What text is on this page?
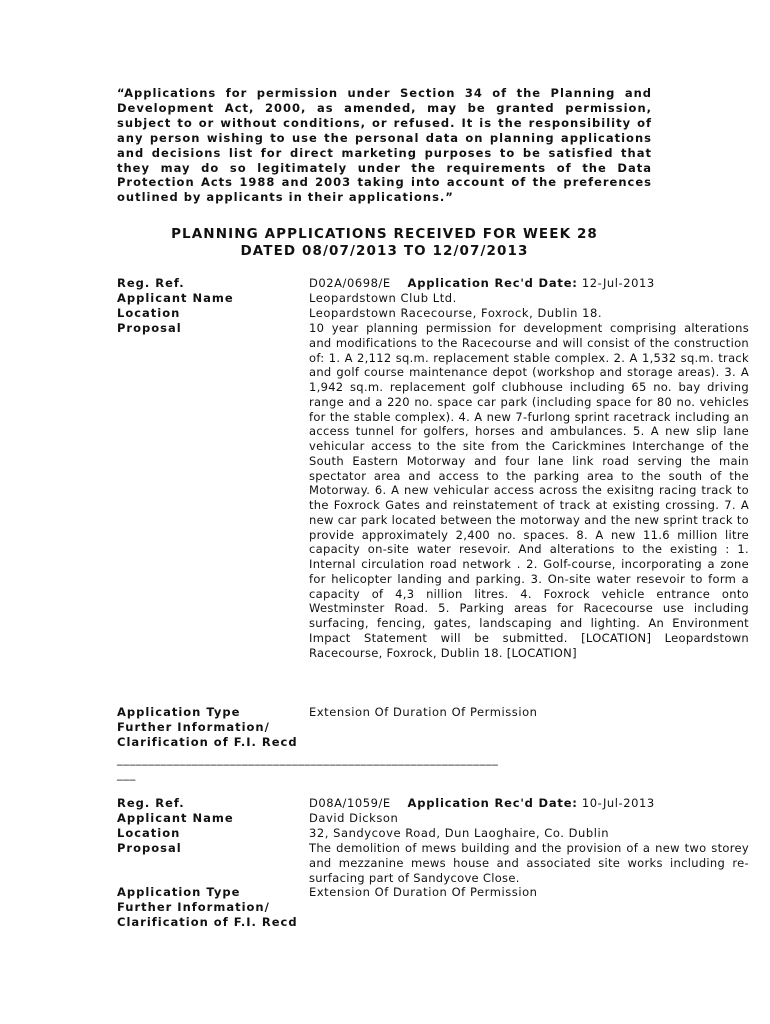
“Applications for permission under Section 34 of the Planning and Development Act, 2000, as amended, may be granted permission, subject to or without conditions, or refused. It is the responsibility of any person wishing to use the personal data on planning applications and decisions list for direct marketing purposes to be satisfied that they may do so legitimately under the requirements of the Data Protection Acts 1988 and 2003 taking into account of the preferences outlined by applicants in their applications.”
PLANNING APPLICATIONS RECEIVED FOR WEEK 28
DATED 08/07/2013 TO 12/07/2013
Reg. Ref.
Applicant Name
Location
Proposal
D02A/0698/E Application Rec'd Date: 12-Jul-2013
Leopardstown Club Ltd.
Leopardstown Racecourse, Foxrock, Dublin 18.
10 year planning permission for development comprising alterations and modifications to the Racecourse and will consist of the construction of: 1. A 2,112 sq.m. replacement stable complex. 2. A 1,532 sq.m. track and golf course maintenance depot (workshop and storage areas). 3. A 1,942 sq.m. replacement golf clubhouse including 65 no. bay driving range and a 220 no. space car park (including space for 80 no. vehicles for the stable complex). 4. A new 7-furlong sprint racetrack including an access tunnel for golfers, horses and ambulances. 5. A new slip lane vehicular access to the site from the Carickmines Interchange of the South Eastern Motorway and four lane link road serving the main spectator area and access to the parking area to the south of the Motorway. 6. A new vehicular access across the exisitng racing track to the Foxrock Gates and reinstatement of track at existing crossing. 7. A new car park located between the motorway and the new sprint track to provide approximately 2,400 no. spaces. 8. A new 11.6 million litre capacity on-site water resevoir. And alterations to the existing : 1. Internal circulation road network . 2. Golf-course, incorporating a zone for helicopter landing and parking. 3. On-site water resevoir to form a capacity of 4,3 nillion litres. 4. Foxrock vehicle entrance onto Westminster Road. 5. Parking areas for Racecourse use including surfacing, fencing, gates, landscaping and lighting. An Environment Impact Statement will be submitted. [LOCATION] Leopardstown Racecourse, Foxrock, Dublin 18. [LOCATION]
Application Type
Further Information/
Clarification of F.I. Recd
Extension Of Duration Of Permission
_____________________________________________________________
___
Reg. Ref.
Applicant Name
Location
Proposal
D08A/1059/E Application Rec'd Date: 10-Jul-2013
David Dickson
32, Sandycove Road, Dun Laoghaire, Co. Dublin
The demolition of mews building and the provision of a new two storey and mezzanine mews house and associated site works including re-surfacing part of Sandycove Close.
Application Type
Further Information/
Clarification of F.I. Recd
Extension Of Duration Of Permission
